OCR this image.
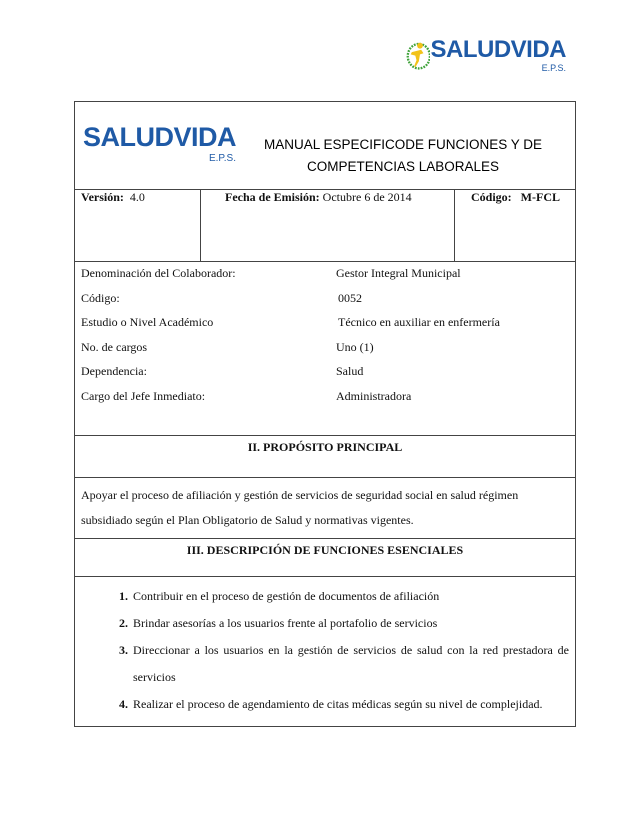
SALUDVIDA
E.P.S.
SALUDVIDA
E.P.S.
MANUAL ESPECIFICODE FUNCIONES Y DE
COMPETENCIAS LABORALES

Versión: 4.0	Fecha de Emisión: Octubre 6 de 2014	Código: M-FCL

Denominación del Colaborador:	Gestor Integral Municipal
Código:	0052
Estudio o Nivel Académico	Técnico en auxiliar en enfermería
No. de cargos	Uno (1)
Dependencia:	Salud
Cargo del Jefe Inmediato:	Administradora

II. PROPÓSITO PRINCIPAL
Apoyar el proceso de afiliación y gestión de servicios de seguridad social en salud régimen subsidiado según el Plan Obligatorio de Salud y normativas vigentes.
III. DESCRIPCIÓN DE FUNCIONES ESENCIALES

1. Contribuir en el proceso de gestión de documentos de afiliación
2. Brindar asesorías a los usuarios frente al portafolio de servicios
3. Direccionar a los usuarios en la gestión de servicios de salud con la red prestadora de servicios
4. Realizar el proceso de agendamiento de citas médicas según su nivel de complejidad.
